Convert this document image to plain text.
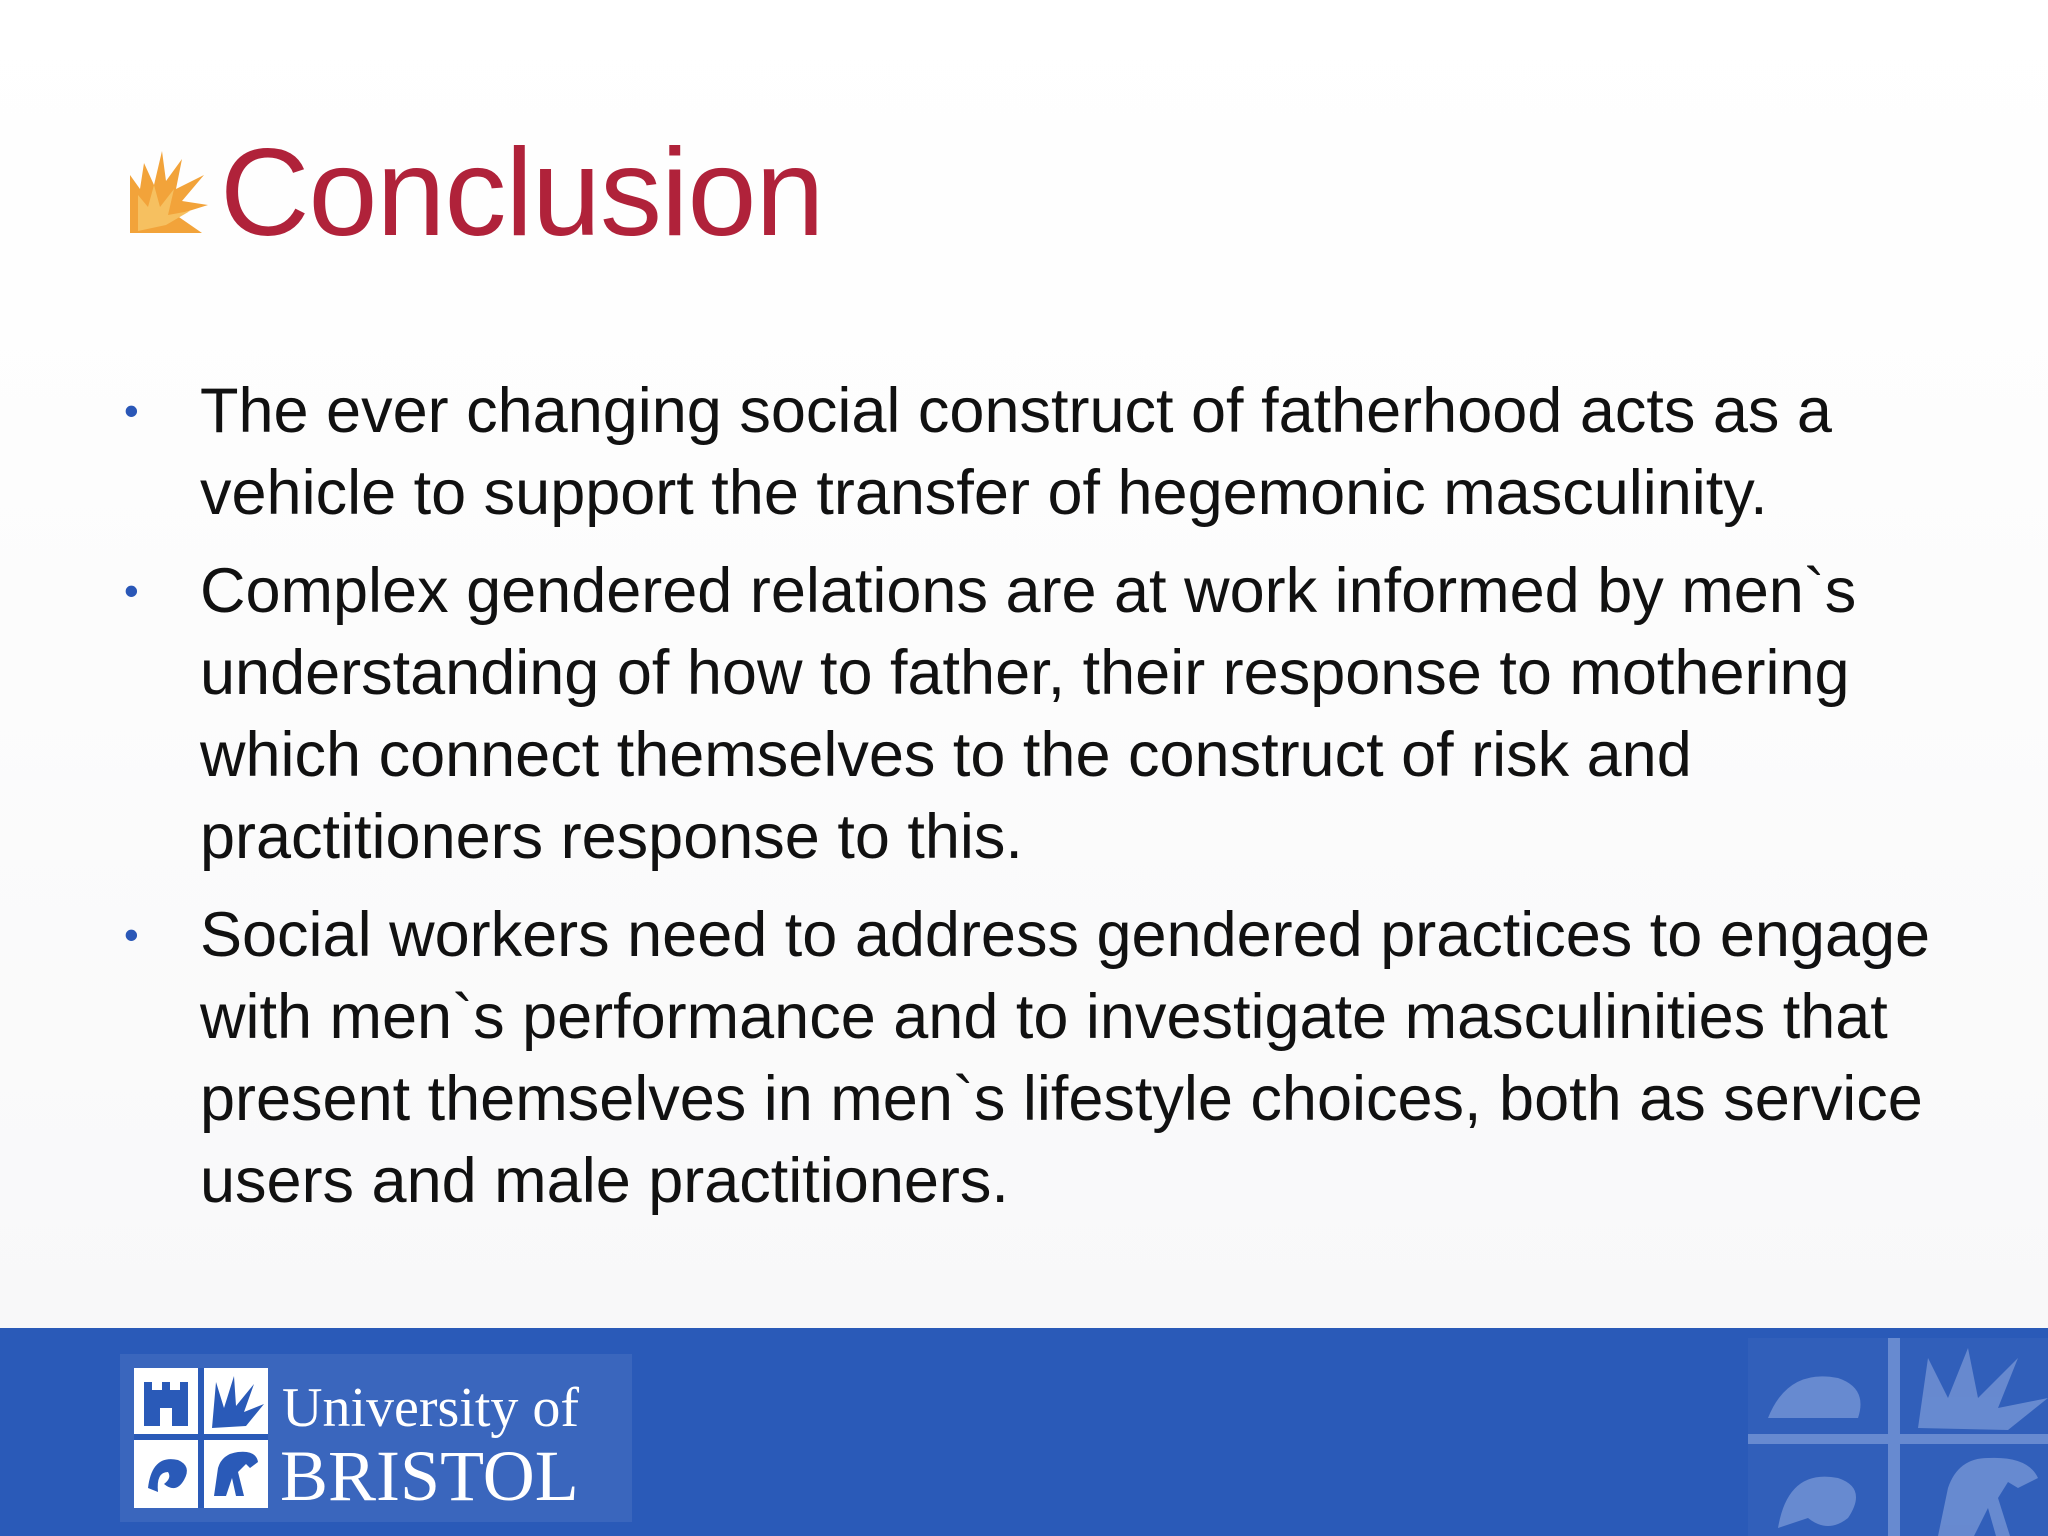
Conclusion
• The ever changing social construct of fatherhood acts as a vehicle to support the transfer of hegemonic masculinity.
• Complex gendered relations are at work informed by men`s understanding of how to father, their response to mothering which connect themselves to the construct of risk and practitioners response to this.
• Social workers need to address gendered practices to engage with men`s performance and to investigate masculinities that present themselves in men`s lifestyle choices, both as service users and male practitioners.
University of
BRISTOL
